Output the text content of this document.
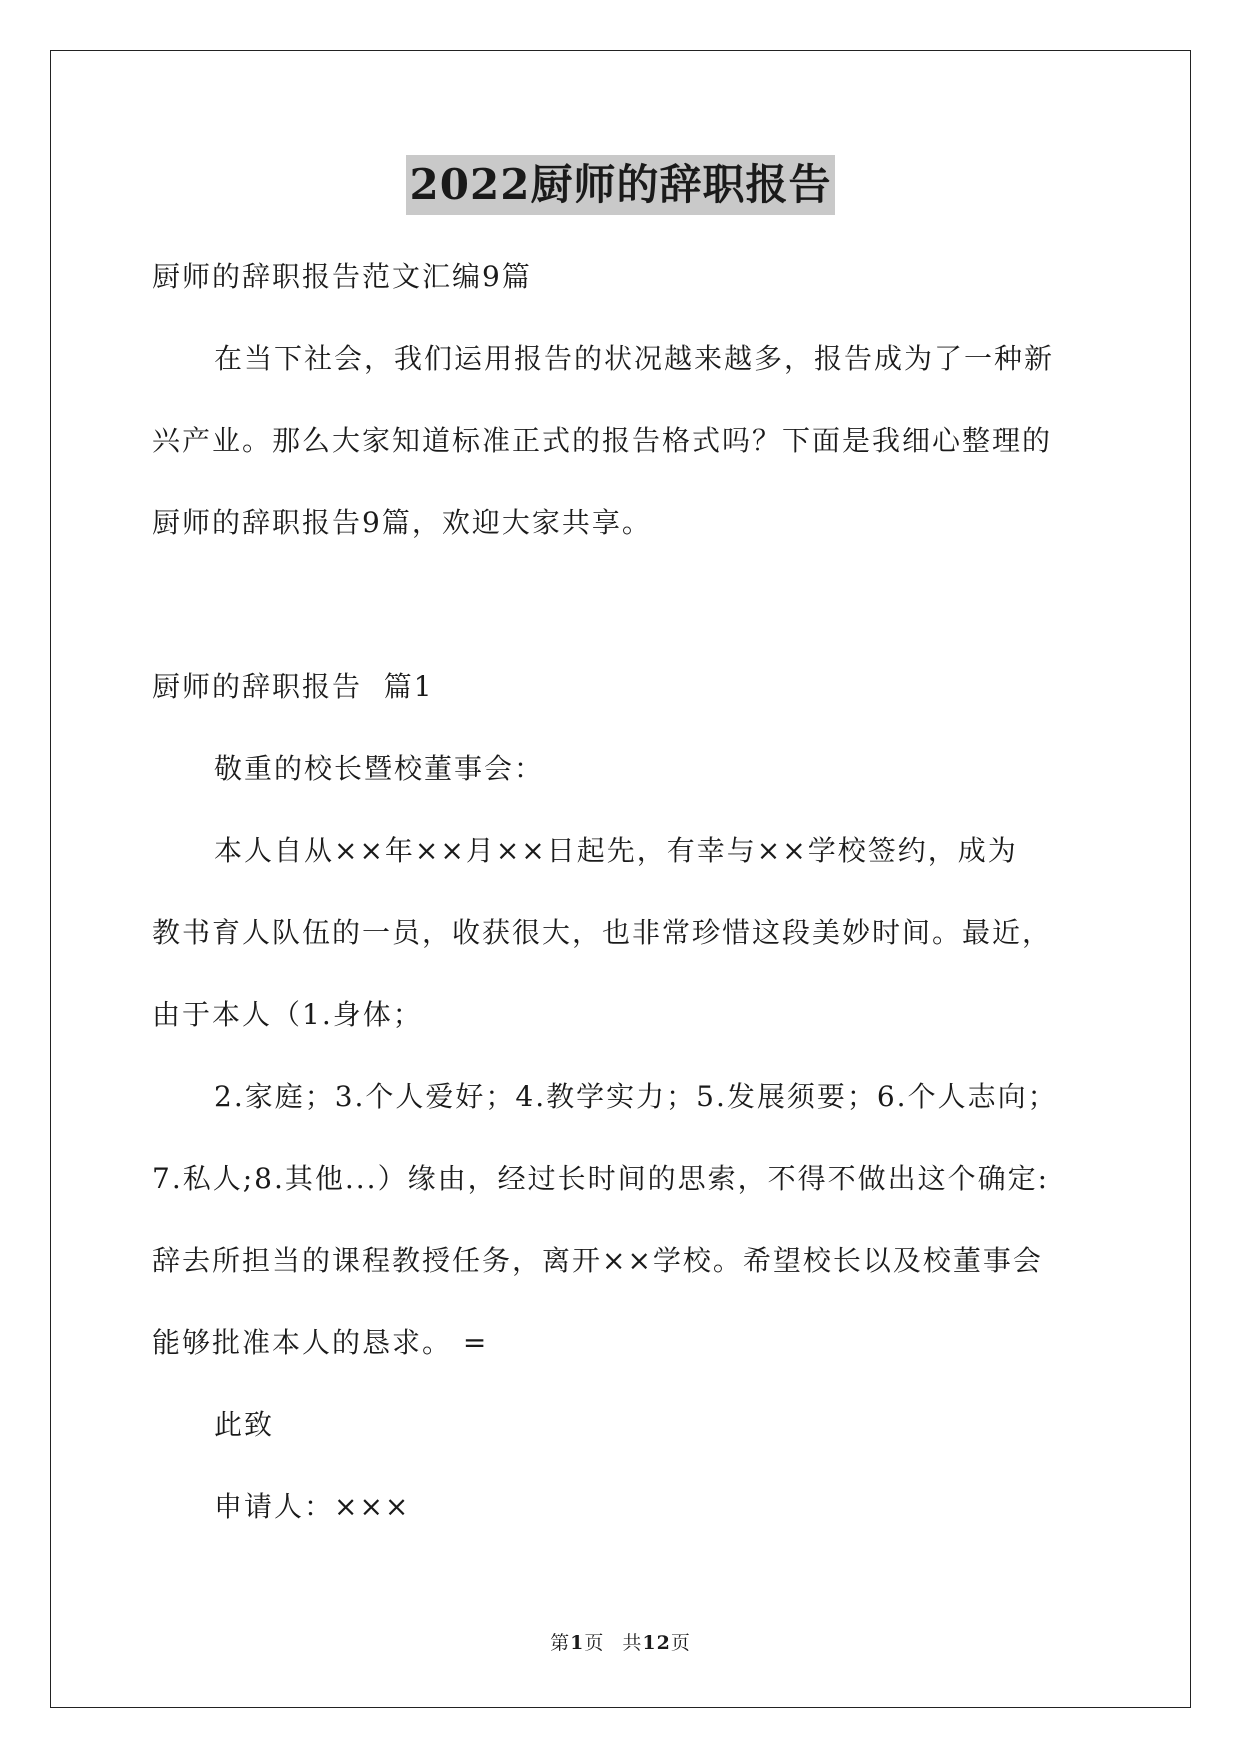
2022厨师的辞职报告
厨师的辞职报告范文汇编9篇
在当下社会，我们运用报告的状况越来越多，报告成为了一种新
兴产业。那么大家知道标准正式的报告格式吗？下面是我细心整理的
厨师的辞职报告9篇，欢迎大家共享。
厨师的辞职报告  篇1
敬重的校长暨校董事会：
本人自从××年××月××日起先，有幸与××学校签约，成为
教书育人队伍的一员，收获很大，也非常珍惜这段美妙时间。最近，
由于本人（1.身体；
2.家庭；3.个人爱好；4.教学实力；5.发展须要；6.个人志向；
7.私人;8.其他...）缘由，经过长时间的思索，不得不做出这个确定:
辞去所担当的课程教授任务，离开××学校。希望校长以及校董事会
能够批准本人的恳求。 =
此致
申请人：×××
第1页 共12页
